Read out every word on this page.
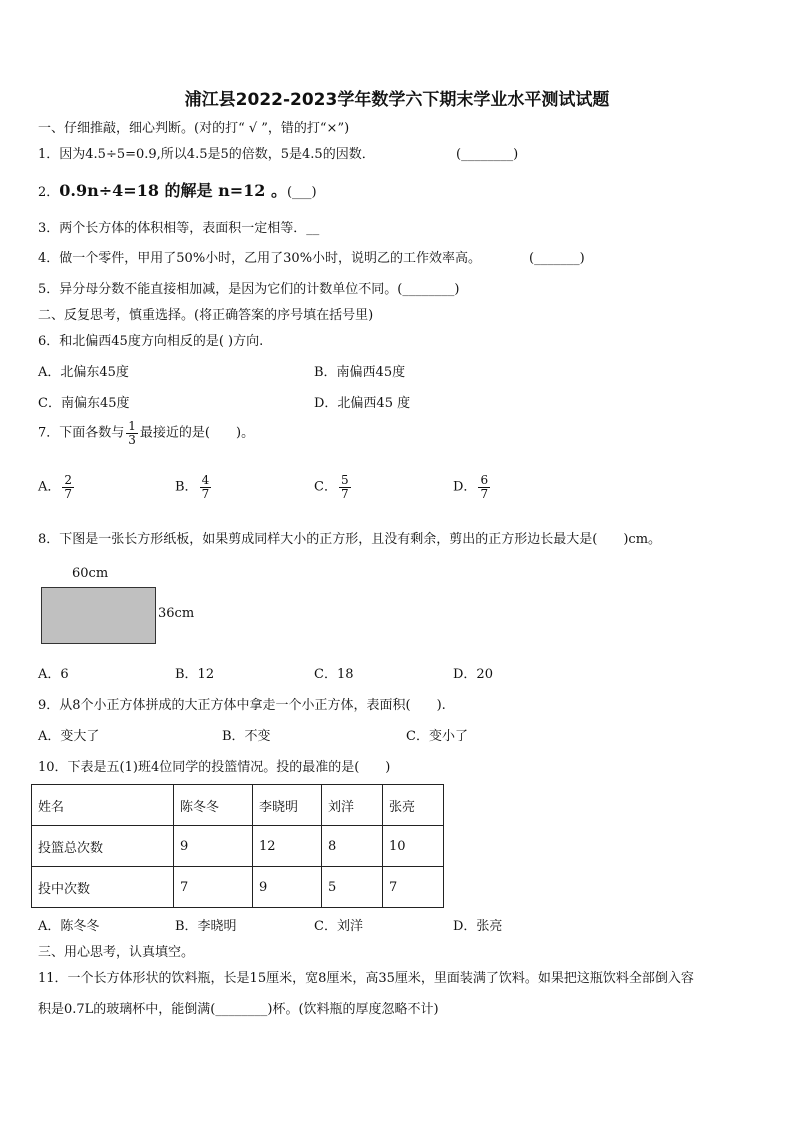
浦江县2022-2023学年数学六下期末学业水平测试试题
一、仔细推敲，细心判断。(对的打“ √ ”，错的打“×”)
1．因为4.5÷5=0.9,所以4.5是5的倍数，5是4.5的因数．	(________)
2．0.9n÷4=18 的解是 n=12 。(___)
3．两个长方体的体积相等，表面积一定相等．__
4．做一个零件，甲用了50%小时，乙用了30%小时，说明乙的工作效率高。	(_______)
5．异分母分数不能直接相加减，是因为它们的计数单位不同。(________)
二、反复思考，慎重选择。(将正确答案的序号填在括号里)
6．和北偏西45度方向相反的是( )方向.
A．北偏东45度	B．南偏西45度
C．南偏东45度	D．北偏西45 度
7．下面各数与 $\frac{1}{3}$ 最接近的是(　　)。
A． $\frac{2}{7}$	B． $\frac{4}{7}$	C． $\frac{5}{7}$	D． $\frac{6}{7}$
8．下图是一张长方形纸板，如果剪成同样大小的正方形，且没有剩余，剪出的正方形边长最大是(　　)cm。
60cm
36cm
A．6	B．12	C．18	D．20
9．从8个小正方体拼成的大正方体中拿走一个小正方体，表面积(　　).
A．变大了	B．不变	C．变小了
10．下表是五(1)班4位同学的投篮情况。投的最准的是(　　)
姓名	陈冬冬	李晓明	刘洋	张亮
投篮总次数	9	12	8	10
投中次数	7	9	5	7
A．陈冬冬	B．李晓明	C．刘洋	D．张亮
三、用心思考，认真填空。
11．一个长方体形状的饮料瓶，长是15厘米，宽8厘米，高35厘米，里面装满了饮料。如果把这瓶饮料全部倒入容
积是0.7L的玻璃杯中，能倒满(________)杯。(饮料瓶的厚度忽略不计)
